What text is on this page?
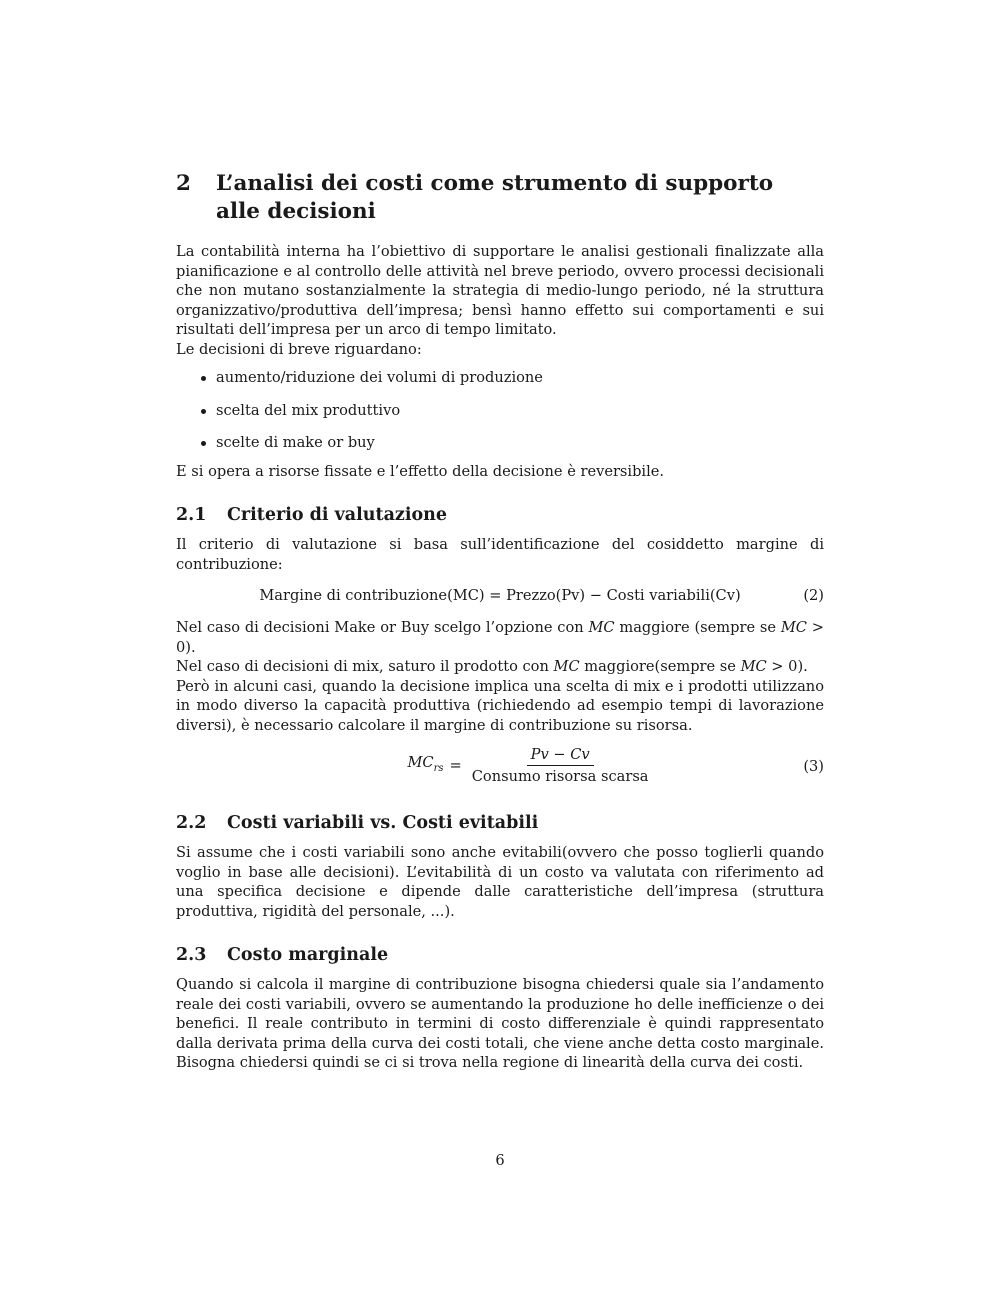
2	L’analisi dei costi come strumento di supporto alle decisioni

La contabilità interna ha l’obiettivo di supportare le analisi gestionali finalizzate alla pianificazione e al controllo delle attività nel breve periodo, ovvero processi decisionali che non mutano sostanzialmente la strategia di medio-lungo periodo, né la struttura organizzativo/produttiva dell’impresa; bensì hanno effetto sui comportamenti e sui risultati dell’impresa per un arco di tempo limitato.

Le decisioni di breve riguardano:

aumento/riduzione dei volumi di produzione
scelta del mix produttivo
scelte di make or buy

E si opera a risorse fissate e l’effetto della decisione è reversibile.

2.1	Criterio di valutazione

Il criterio di valutazione si basa sull’identificazione del cosiddetto margine di contribuzione:

Margine di contribuzione(MC) = Prezzo(Pv) − Costi variabili(Cv)	(2)

Nel caso di decisioni Make or Buy scelgo l’opzione con MC maggiore (sempre se MC > 0).
Nel caso di decisioni di mix, saturo il prodotto con MC maggiore(sempre se MC > 0).
Però in alcuni casi, quando la decisione implica una scelta di mix e i prodotti utilizzano in modo diverso la capacità produttiva (richiedendo ad esempio tempi di lavorazione diversi), è necessario calcolare il margine di contribuzione su risorsa.

$MC_{rs} = \frac{Pv - Cv}{\text{Consumo risorsa scarsa}}$	(3)
2.2	Costi variabili vs. Costi evitabili

Si assume che i costi variabili sono anche evitabili(ovvero che posso toglierli quando voglio in base alle decisioni). L’evitabilità di un costo va valutata con riferimento ad una specifica decisione e dipende dalle caratteristiche dell’impresa (struttura produttiva, rigidità del personale, ...).

2.3	Costo marginale

Quando si calcola il margine di contribuzione bisogna chiedersi quale sia l’andamento reale dei costi variabili, ovvero se aumentando la produzione ho delle inefficienze o dei benefici. Il reale contributo in termini di costo differenziale è quindi rappresentato dalla derivata prima della curva dei costi totali, che viene anche detta costo marginale. Bisogna chiedersi quindi se ci si trova nella regione di linearità della curva dei costi.

6
